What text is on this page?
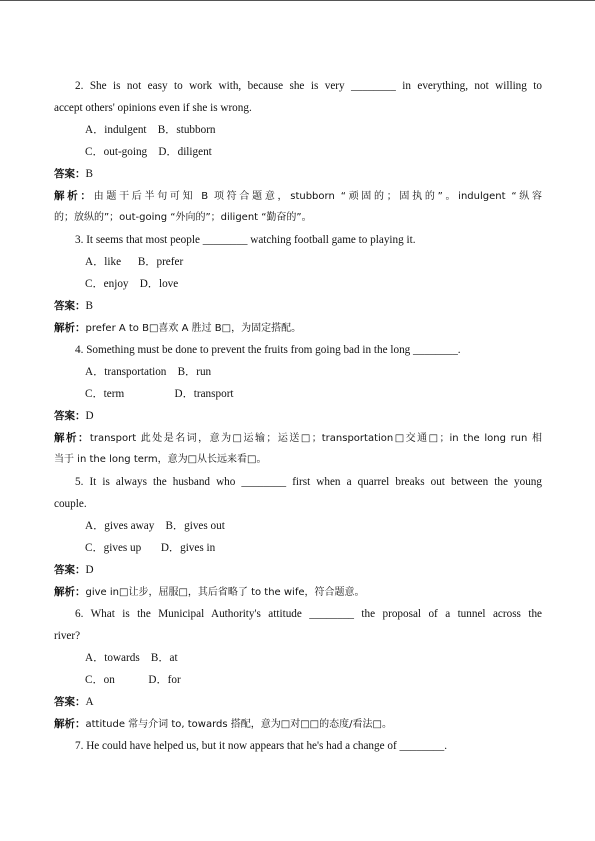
2. She is not easy to work with, because she is very ________ in everything, not willing to
accept others' opinions even if she is wrong.
A．indulgent    B．stubborn
C．out-going    D．diligent
答案：B
解析：由题干后半句可知 B 项符合题意，stubborn “顽固的；固执的”。indulgent “纵容
的；放纵的”；out-going “外向的”；diligent “勤奋的”。
3. It seems that most people ________ watching football game to playing it.
A．like      B．prefer
C．enjoy    D．love
答案：B
解析：prefer A to B□喜欢 A 胜过 B□，为固定搭配。
4. Something must be done to prevent the fruits from going bad in the long ________.
A．transportation    B．run
C．term                  D．transport
答案：D
解析：transport 此处是名词，意为□运输；运送□；transportation□交通□；in the long run 相
当于 in the long term，意为□从长远来看□。
5. It is always the husband who ________ first when a quarrel breaks out between the young
couple.
A．gives away    B．gives out
C．gives up       D．gives in
答案：D
解析：give in□让步，屈服□，其后省略了 to the wife，符合题意。
6. What is the Municipal Authority's attitude ________ the proposal of a tunnel across the
river?
A．towards    B．at
C．on            D．for
答案：A
解析：attitude 常与介词 to, towards 搭配，意为□对□□的态度/看法□。
7. He could have helped us, but it now appears that he's had a change of ________.
